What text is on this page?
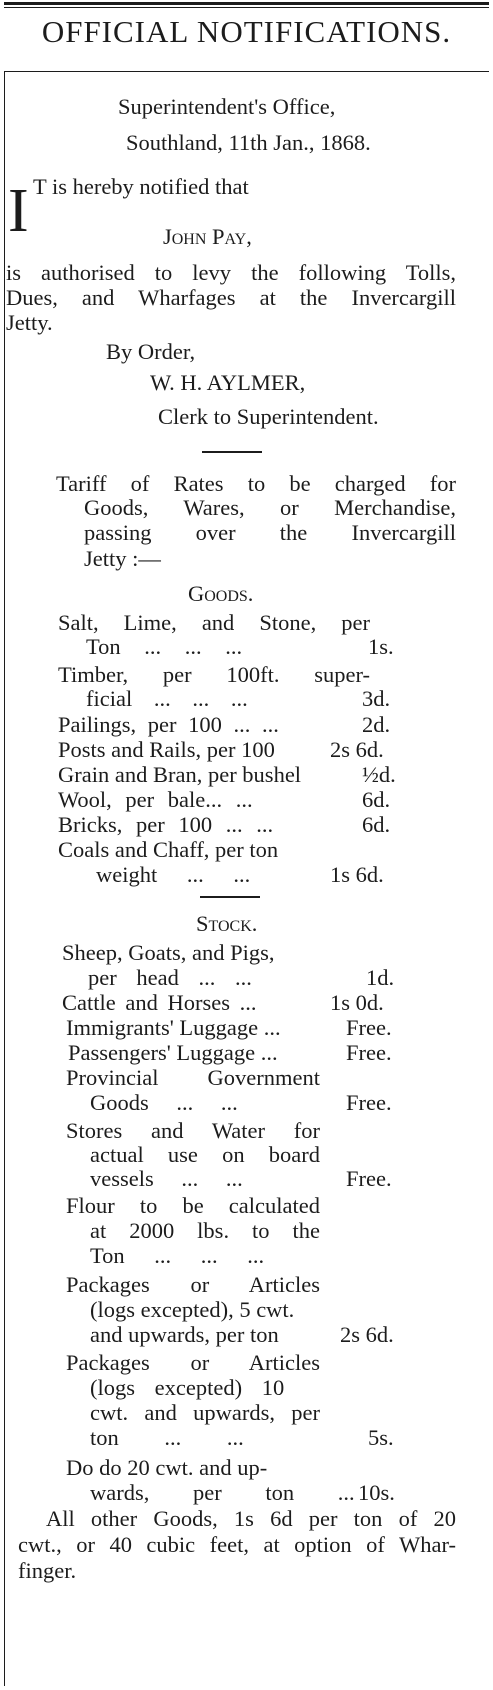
OFFICIAL NOTIFICATIONS.
Superintendent's Office,
Southland, 11th Jan., 1868.
I T is hereby notified that
John Pay,
is authorised to levy the following Tolls,
Dues, and Wharfages at the Invercargill
Jetty.
By Order,
W. H. AYLMER,
Clerk to Superintendent.
Tariff of Rates to be charged for
Goods, Wares, or Merchandise,
passing over the Invercargill
Jetty :—
Goods.
Salt, Lime, and Stone, per
Ton ... ... ...	1s.
Timber, per 100ft. super-
ficial ... ... ...	3d.
Pailings, per 100 ... ...	2d.
Posts and Rails, per 100 2s 6d.
Grain and Bran, per bushel	½d.
Wool, per bale... ...	6d.
Bricks, per 100 ... ...	6d.
Coals and Chaff, per ton
weight ... ...	1s 6d.
Stock.
Sheep, Goats, and Pigs,
per head ... ...	1d.
Cattle and Horses ...	1s 0d.
Immigrants' Luggage ...	Free.
Passengers' Luggage ...	Free.
Provincial Government
Goods ... ...	Free.
Stores and Water for
actual use on board
vessels ... ...	Free.
Flour to be calculated
at 2000 lbs. to the
Ton ... ... ...
Packages or Articles
(logs excepted), 5 cwt.
and upwards, per ton	2s 6d.
Packages or Articles
(logs excepted) 10
cwt. and upwards, per
ton ... ...	5s.
Do do 20 cwt. and up-
wards, per ton ... 10s.
All other Goods, 1s 6d per ton of 20
cwt., or 40 cubic feet, at option of Whar-
finger.
